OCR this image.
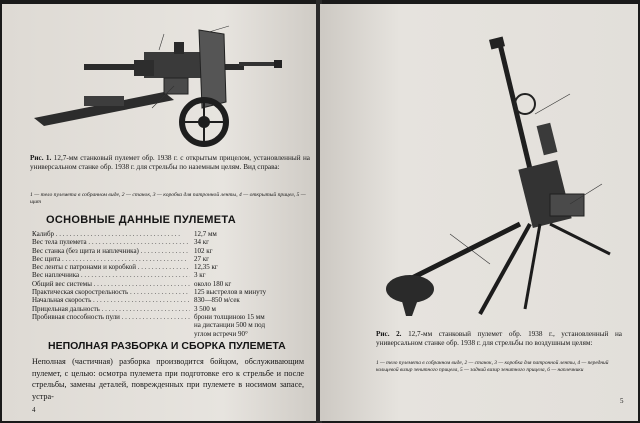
Рис. 1. 12,7-мм станковый пулемет обр. 1938 г. с открытым прицелом, установленный на универсальном станке обр. 1938 г. для стрельбы по наземным целям. Вид справа:
1 — тело пулемета в собранном виде, 2 — станок, 3 — коробка для патронной ленты, 4 — открытый прицел, 5 — щит
ОСНОВНЫЕ ДАННЫЕ ПУЛЕМЕТА
Калибр . . .	12,7 мм
Вес тела пулемета . . .	34 кг
Вес станка (без щита и наплечника) . . .	102 кг
Вес щита . . .	27 кг
Вес ленты с патронами и коробкой . . .	12,35 кг
Вес наплечника . . .	3 кг
Общий вес системы . . .	около 180 кг
Практическая скорострельность . . .	125 выстрелов в минуту
Начальная скорость . . .	830—850 м/сек
Прицельная дальность . . .	3 500 м
Пробивная способность пули . . .	брони толщиною 15 мм
на дистанции 500 м под
углом встречи 90°
НЕПОЛНАЯ РАЗБОРКА И СБОРКА ПУЛЕМЕТА
Неполная (частичная) разборка производится бойцом, обслуживающим пулемет, с целью: осмотра пулемета при подготовке его к стрельбе и после стрельбы, замены деталей, поврежденных при пулемете в носимом запасе, устра-
4
Рис. 2. 12,7-мм станковый пулемет обр. 1938 г., установленный на универсальном станке обр. 1938 г. для стрельбы по воздушным целям:
1 — тело пулемета в собранном виде, 2 — станок, 3 — коробка для патронной ленты, 4 — передний кольцевой визир зенитного прицела, 5 — задний визир зенитного прицела, 6 — наплечники
5
